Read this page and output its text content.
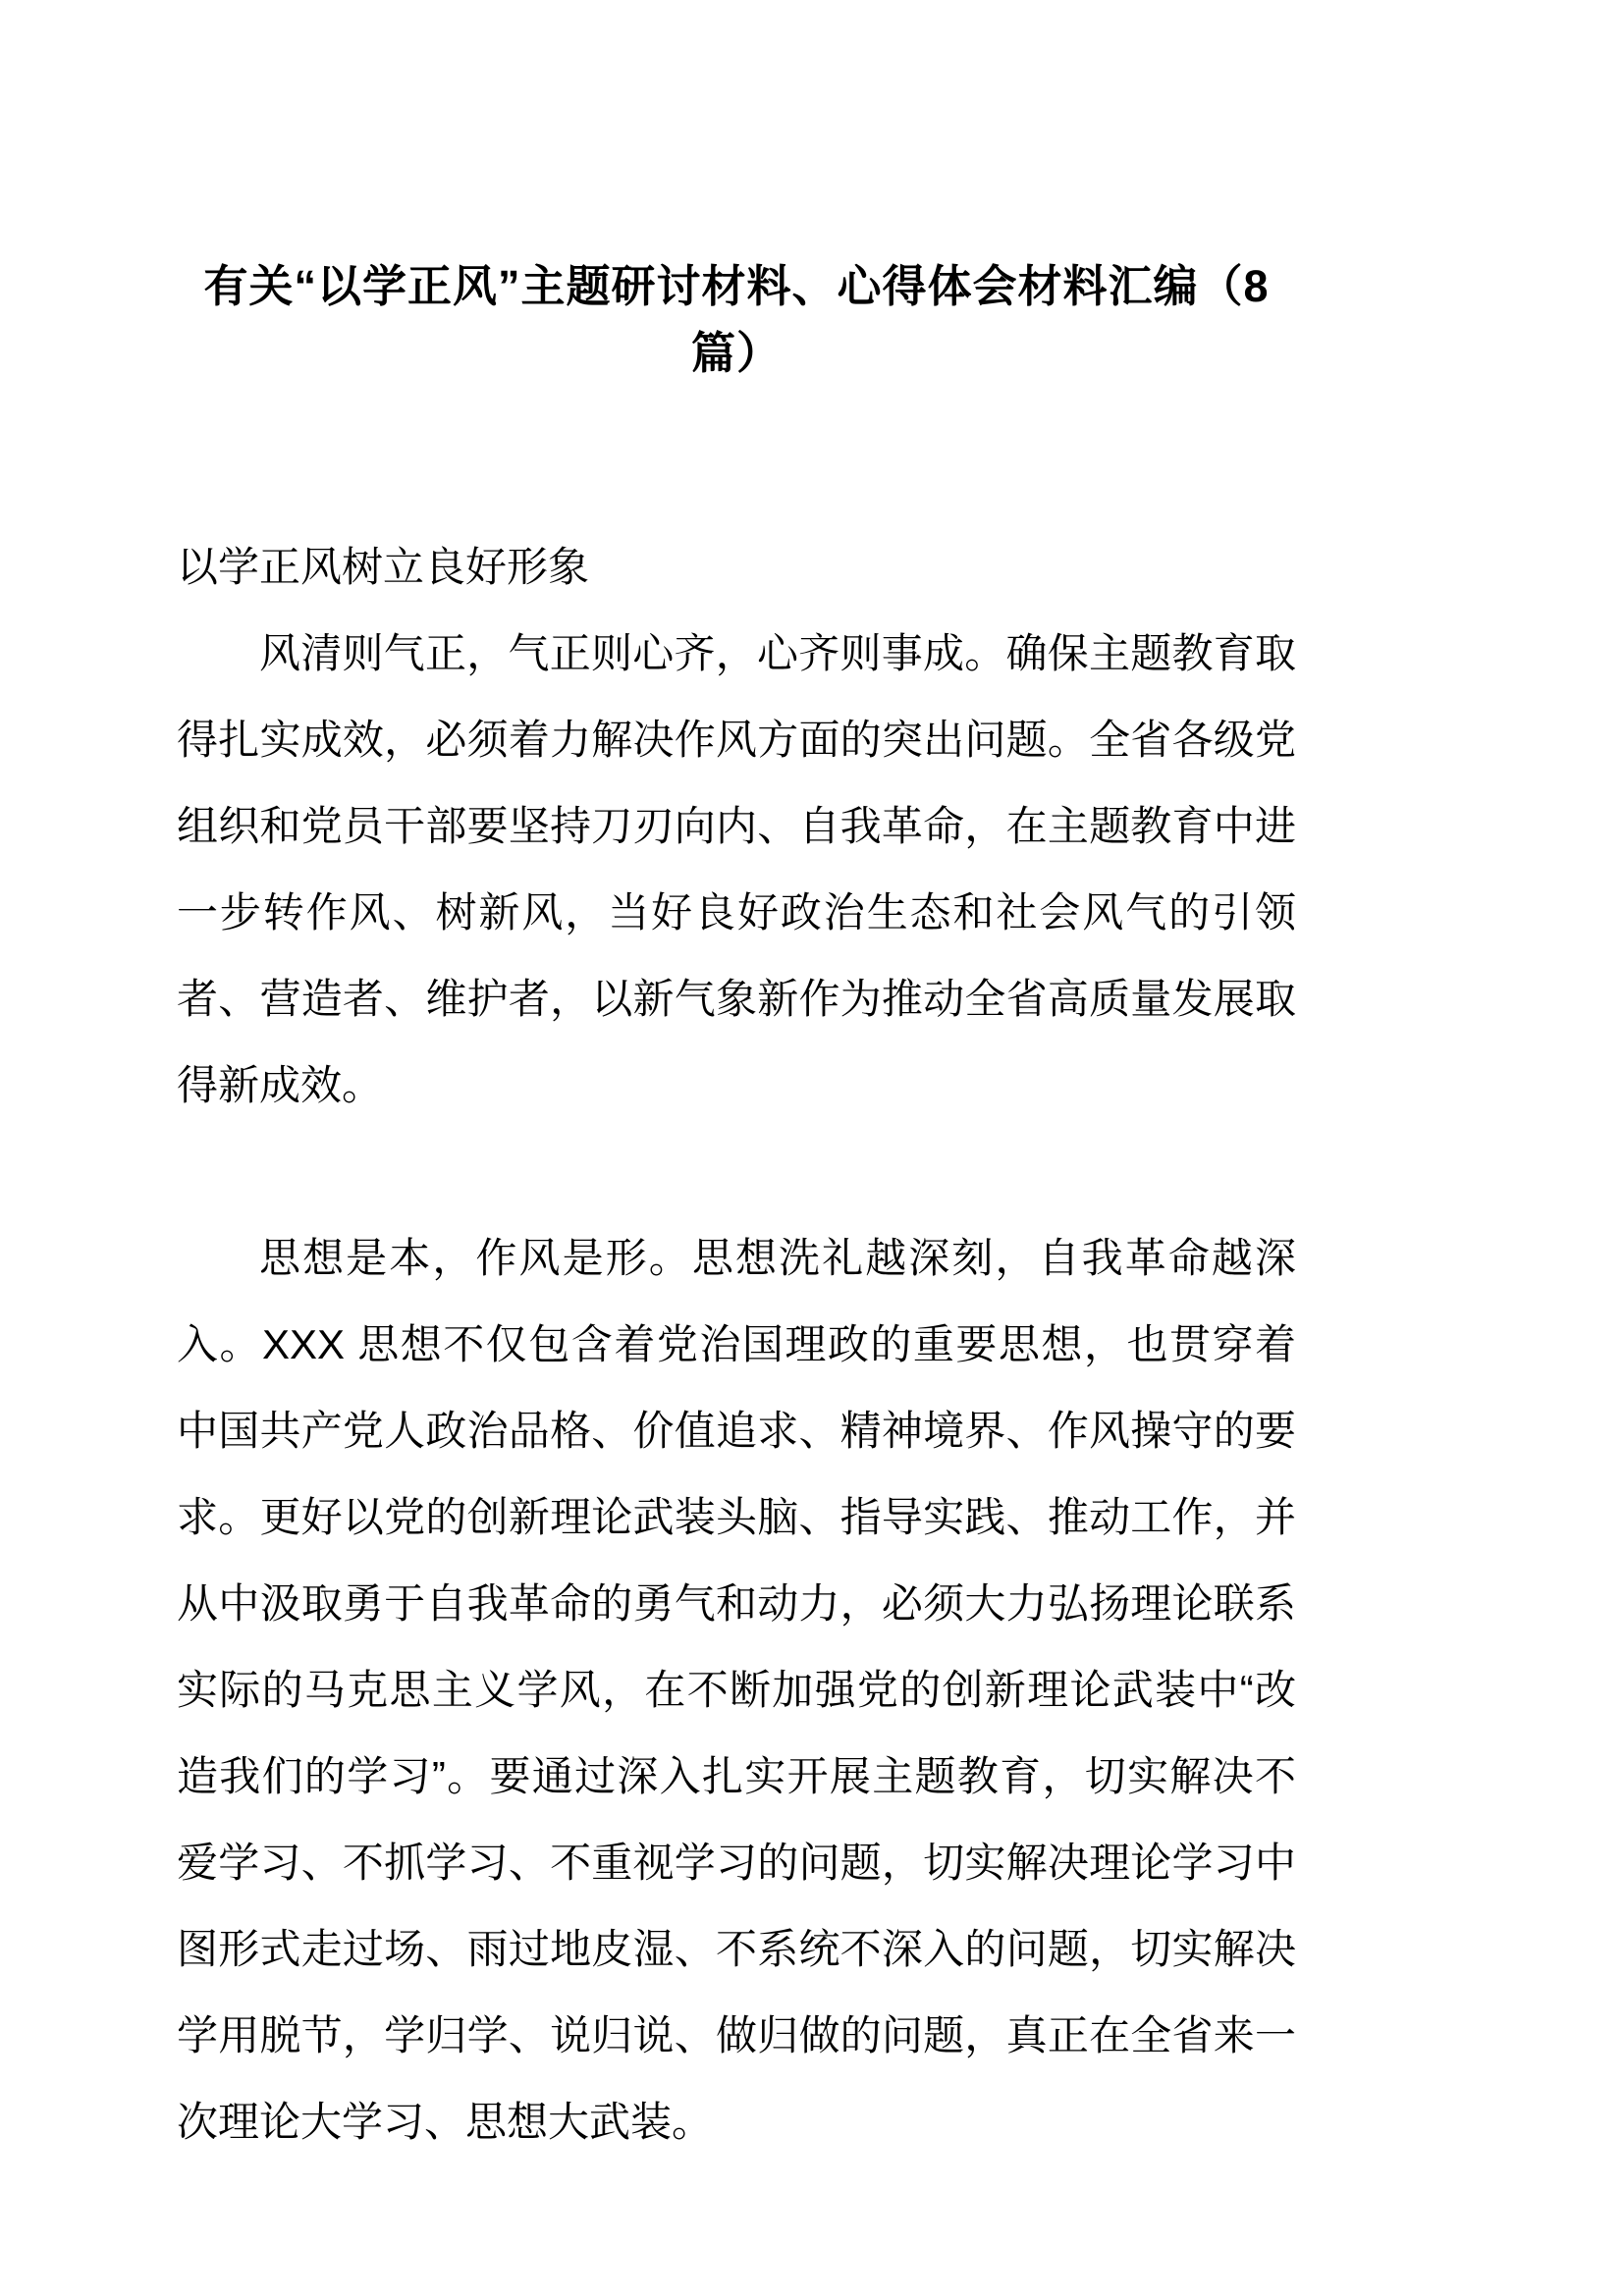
有关“以学正风”主题研讨材料、心得体会材料汇编（8篇）
以学正风树立良好形象

风清则气正，气正则心齐，心齐则事成。确保主题教育取得扎实成效，必须着力解决作风方面的突出问题。全省各级党组织和党员干部要坚持刀刃向内、自我革命，在主题教育中进一步转作风、树新风，当好良好政治生态和社会风气的引领者、营造者、维护者，以新气象新作为推动全省高质量发展取得新成效。

思想是本，作风是形。思想洗礼越深刻，自我革命越深入。XXX 思想不仅包含着党治国理政的重要思想，也贯穿着中国共产党人政治品格、价值追求、精神境界、作风操守的要求。更好以党的创新理论武装头脑、指导实践、推动工作，并从中汲取勇于自我革命的勇气和动力，必须大力弘扬理论联系实际的马克思主义学风，在不断加强党的创新理论武装中“改造我们的学习”。要通过深入扎实开展主题教育，切实解决不爱学习、不抓学习、不重视学习的问题，切实解决理论学习中图形式走过场、雨过地皮湿、不系统不深入的问题，切实解决学用脱节，学归学、说归说、做归做的问题，真正在全省来一次理论大学习、思想大武装。
